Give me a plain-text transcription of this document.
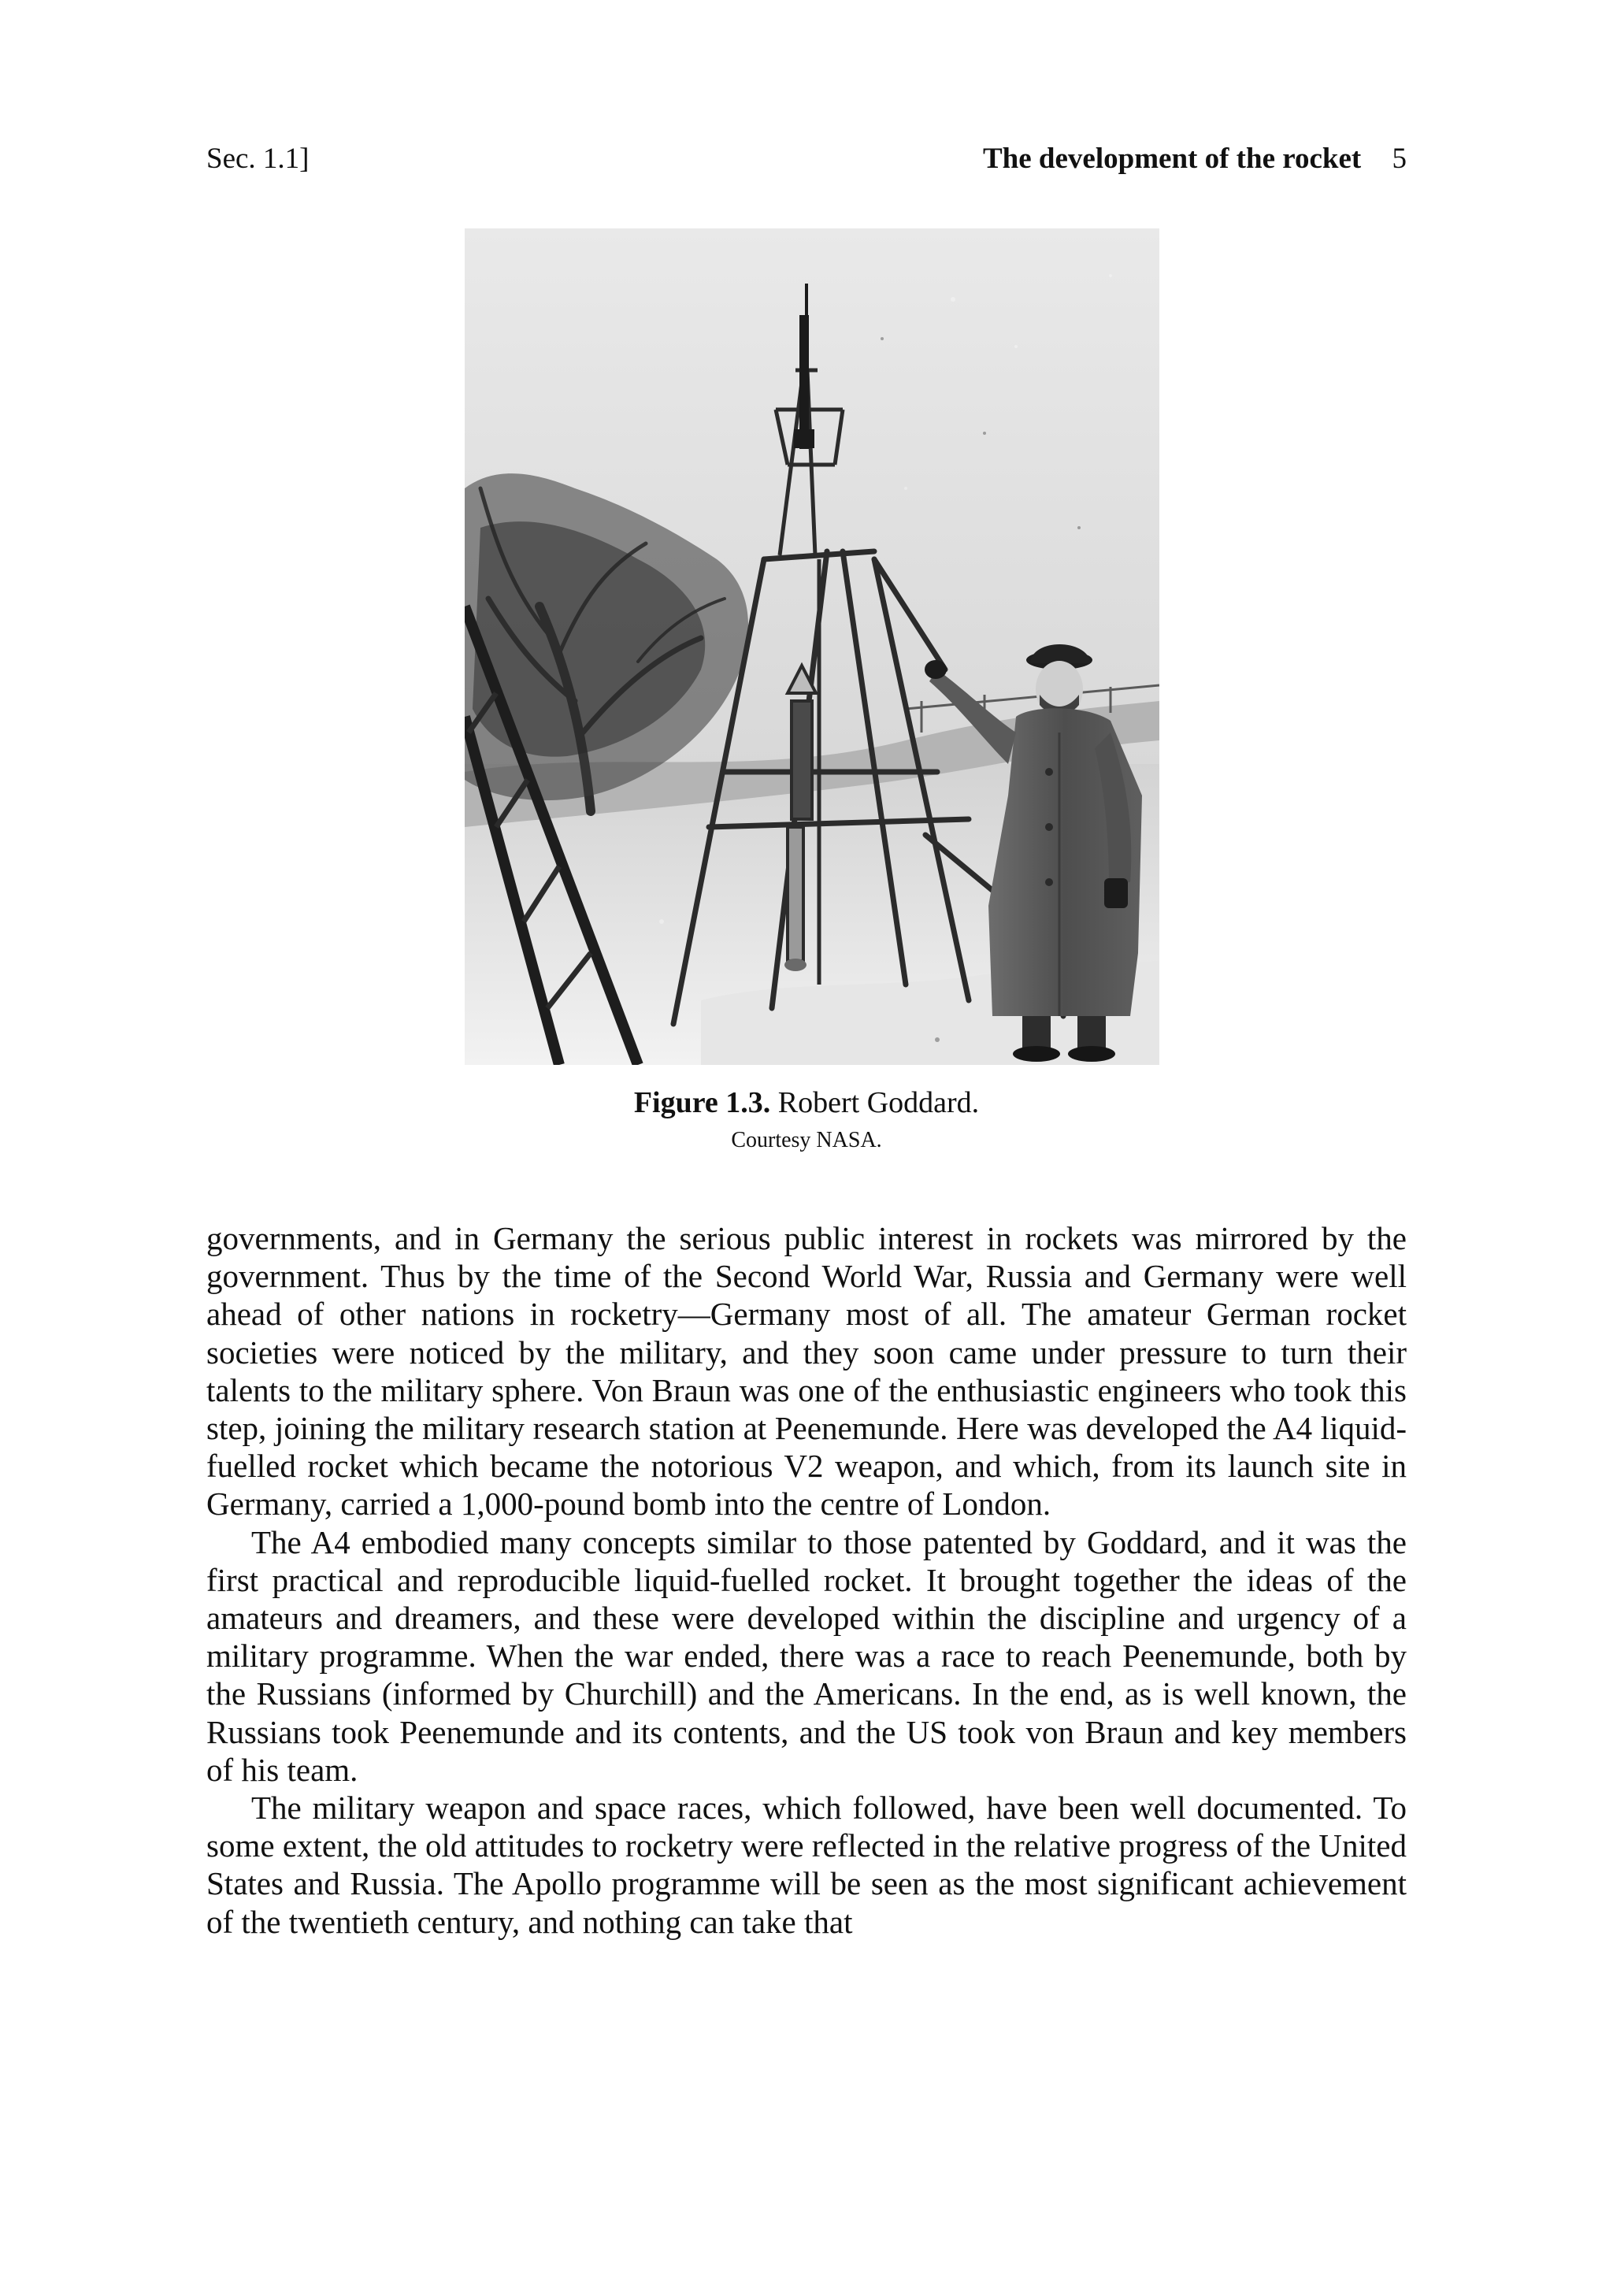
Sec. 1.1]	The development of the rocket 5
Figure 1.3. Robert Goddard.
Courtesy NASA.

governments, and in Germany the serious public interest in rockets was mirrored by the government. Thus by the time of the Second World War, Russia and Germany were well ahead of other nations in rocketry—Germany most of all. The amateur German rocket societies were noticed by the military, and they soon came under pressure to turn their talents to the military sphere. Von Braun was one of the enthusiastic engineers who took this step, joining the military research station at Peenemunde. Here was developed the A4 liquid-fuelled rocket which became the notorious V2 weapon, and which, from its launch site in Germany, carried a 1,000-pound bomb into the centre of London.

The A4 embodied many concepts similar to those patented by Goddard, and it was the first practical and reproducible liquid-fuelled rocket. It brought together the ideas of the amateurs and dreamers, and these were developed within the discipline and urgency of a military programme. When the war ended, there was a race to reach Peenemunde, both by the Russians (informed by Churchill) and the Americans. In the end, as is well known, the Russians took Peenemunde and its contents, and the US took von Braun and key members of his team.

The military weapon and space races, which followed, have been well documented. To some extent, the old attitudes to rocketry were reflected in the relative progress of the United States and Russia. The Apollo programme will be seen as the most significant achievement of the twentieth century, and nothing can take that
